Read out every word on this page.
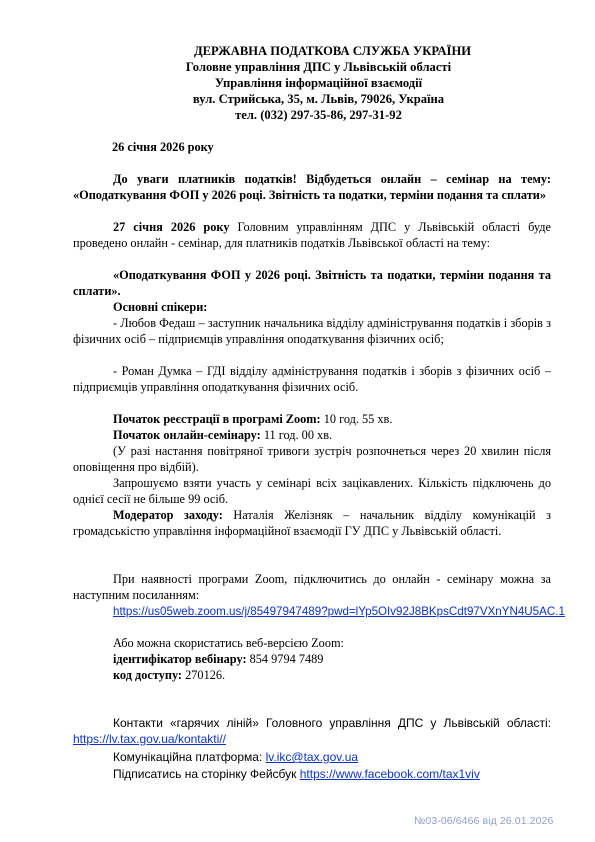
ДЕРЖАВНА ПОДАТКОВА СЛУЖБА УКРАЇНИ
Головне управління ДПС у Львівській області
Управління інформаційної взаємодії
вул. Стрийська, 35, м. Львів, 79026, Україна
тел. (032) 297-35-86, 297-31-92
26 січня 2026 року
До уваги платників податків! Відбудеться онлайн – семінар на тему: «Оподаткування ФОП у 2026 році. Звітність та податки, терміни подання та сплати»
27 січня 2026 року Головним управлінням ДПС у Львівській області буде проведено онлайн - семінар, для платників податків Львівської області на тему:
«Оподаткування ФОП у 2026 році. Звітність та податки, терміни подання та сплати».
Основні спікери:
- Любов Федаш – заступник начальника відділу адміністрування податків і зборів з фізичних осіб – підприємців управління оподаткування фізичних осіб;
- Роман Думка – ГДІ відділу адміністрування податків і зборів з фізичних осіб – підприємців управління оподаткування фізичних осіб.
Початок реєстрації в програмі Zoom: 10 год. 55 хв.
Початок онлайн-семінару: 11 год. 00 хв.
(У разі настання повітряної тривоги зустріч розпочнеться через 20 хвилин після оповіщення про відбій).
Запрошуємо взяти участь у семінарі всіх зацікавлених. Кількість підключень до однієї сесії не більше 99 осіб.
Модератор заходу: Наталія Желізняк – начальник відділу комунікацій з громадськістю управління інформаційної взаємодії ГУ ДПС у Львівській області.
При наявності програми Zoom, підключитись до онлайн - семінару можна за наступним посиланням:
https://us05web.zoom.us/j/85497947489?pwd=lYp5OIv92J8BKpsCdt97VXnYN4U5AC.1
Або можна скористатись веб-версією Zoom:
ідентифікатор вебінару: 854 9794 7489
код доступу: 270126.
Контакти «гарячих ліній» Головного управління ДПС у Львівській області: https://lv.tax.gov.ua/kontakti//
Комунікаційна платформа: lv.ikc@tax.gov.ua
Підписатись на сторінку Фейсбук https://www.facebook.com/tax1viv
№03-06/6466 від 26.01.2026
